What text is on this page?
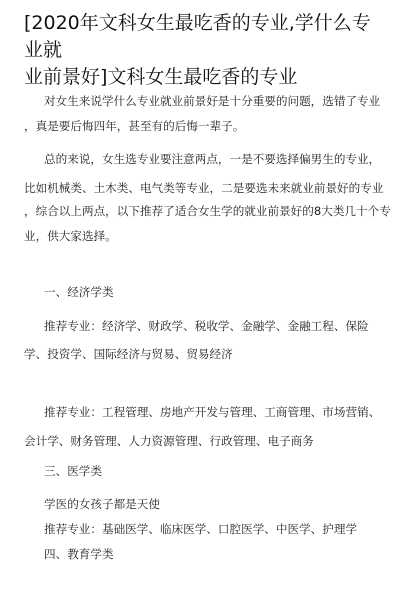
[2020年文科女生最吃香的专业,学什么专业就
业前景好]文科女生最吃香的专业
对女生来说学什么专业就业前景好是十分重要的问题，选错了专业
，真是要后悔四年，甚至有的后悔一辈子。
总的来说，女生选专业要注意两点，一是不要选择偏男生的专业，
比如机械类、土木类、电气类等专业，二是要选未来就业前景好的专业
，综合以上两点，以下推荐了适合女生学的就业前景好的8大类几十个专
业，供大家选择。
一、经济学类
推荐专业：经济学、财政学、税收学、金融学、金融工程、保险
学、投资学、国际经济与贸易、贸易经济
推荐专业：工程管理、房地产开发与管理、工商管理、市场营销、
会计学、财务管理、人力资源管理、行政管理、电子商务
三、医学类
学医的女孩子都是天使
推荐专业：基础医学、临床医学、口腔医学、中医学、护理学
四、教育学类
